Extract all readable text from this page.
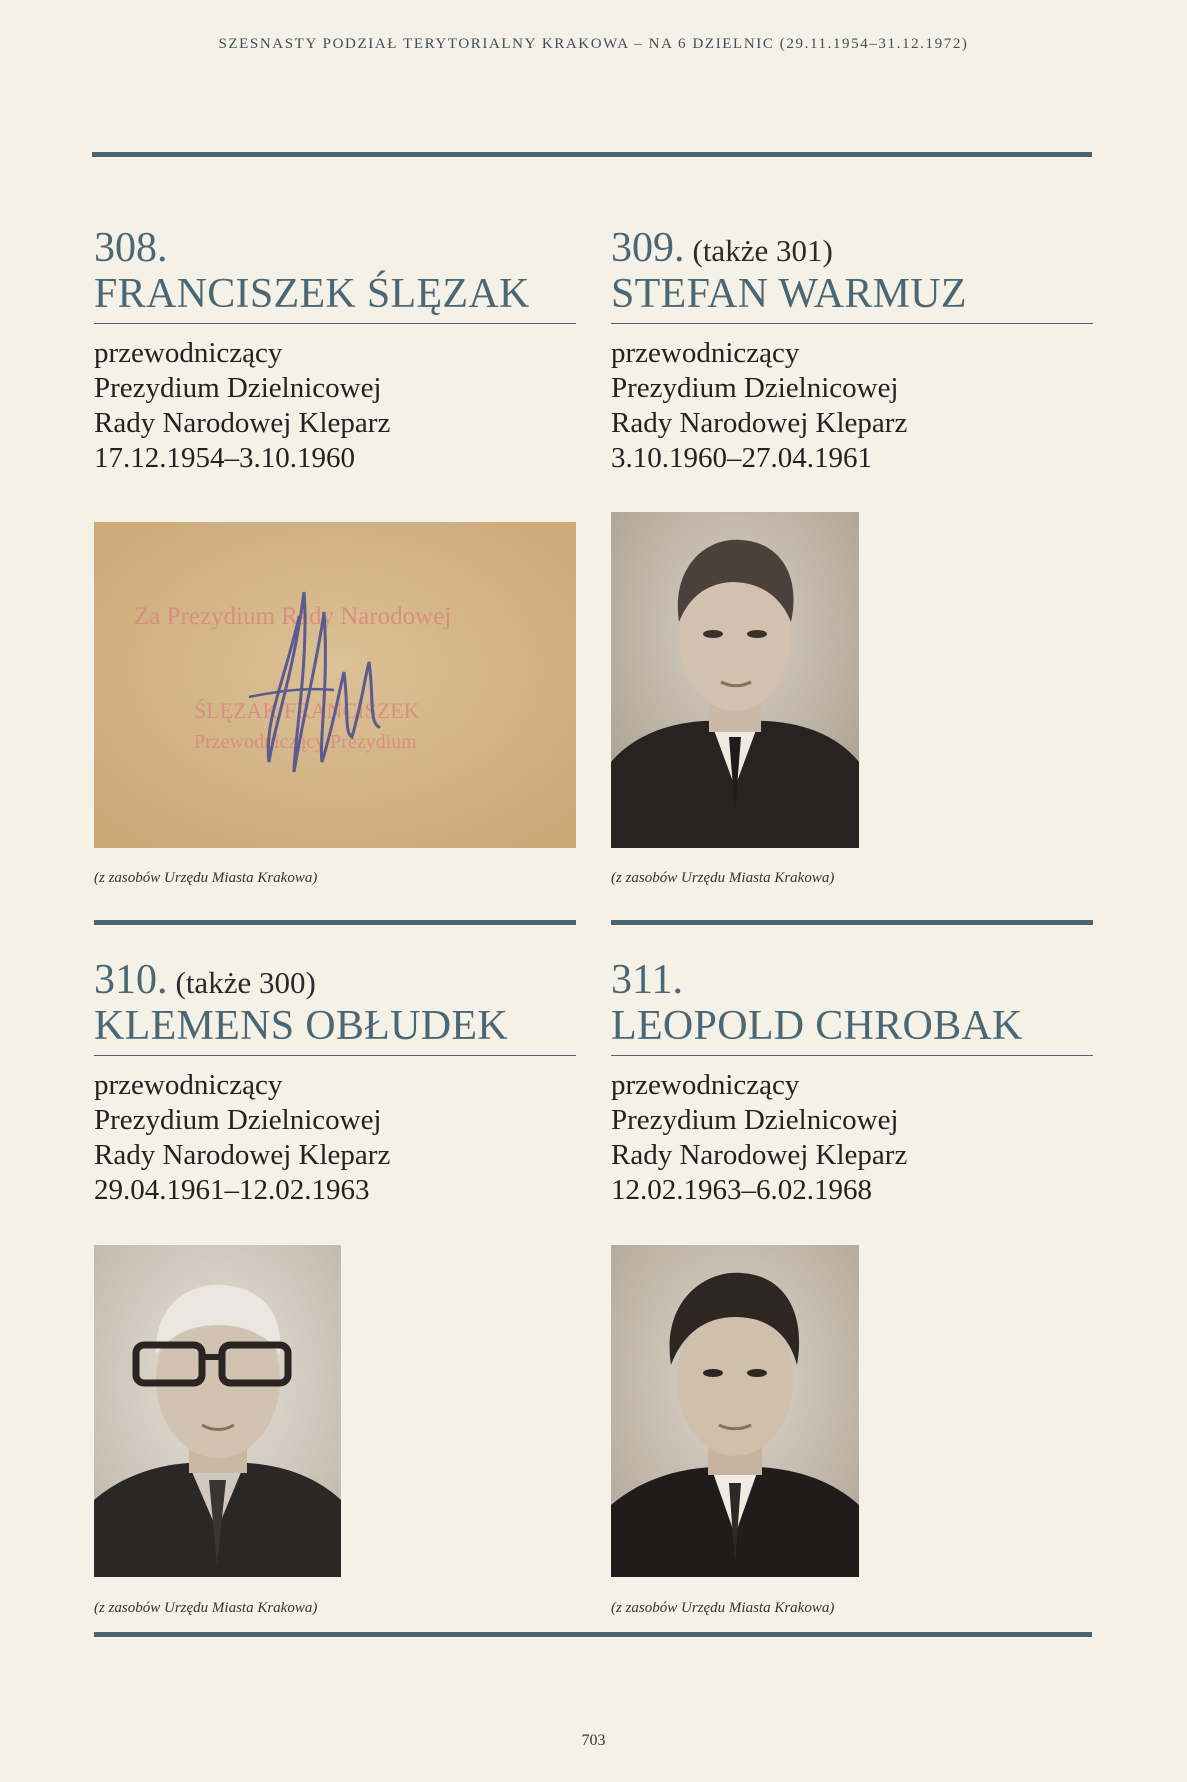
SZESNASTY PODZIAŁ TERYTORIALNY KRAKOWA – NA 6 DZIELNIC (29.11.1954–31.12.1972)
308.
FRANCISZEK ŚLĘZAK
przewodniczący
Prezydium Dzielnicowej
Rady Narodowej Kleparz
17.12.1954–3.10.1960
309. (także 301)
STEFAN WARMUZ
przewodniczący
Prezydium Dzielnicowej
Rady Narodowej Kleparz
3.10.1960–27.04.1961
Za Prezydium Rady Narodowej
ŚLĘZAK FRANCISZEK
Przewodniczący Prezydium
(z zasobów Urzędu Miasta Krakowa)	(z zasobów Urzędu Miasta Krakowa)
310. (także 300)
KLEMENS OBŁUDEK
przewodniczący
Prezydium Dzielnicowej
Rady Narodowej Kleparz
29.04.1961–12.02.1963
311.
LEOPOLD CHROBAK
przewodniczący
Prezydium Dzielnicowej
Rady Narodowej Kleparz
12.02.1963–6.02.1968
(z zasobów Urzędu Miasta Krakowa)	(z zasobów Urzędu Miasta Krakowa)
703
